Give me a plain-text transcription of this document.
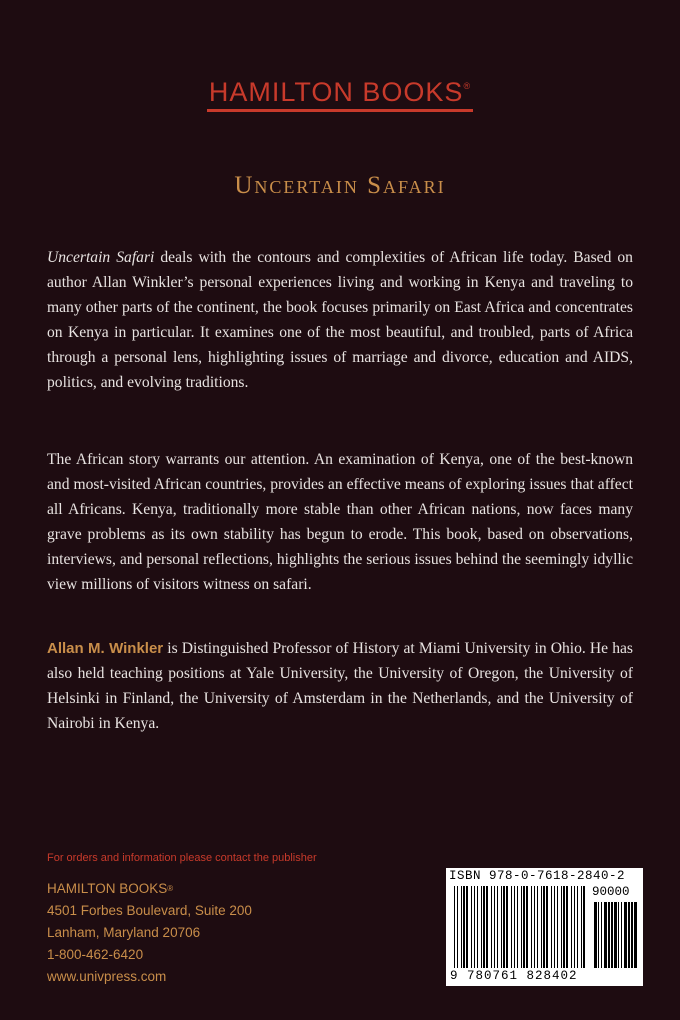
HAMILTON BOOKS®
Uncertain Safari
Uncertain Safari deals with the contours and complexities of African life today. Based on author Allan Winkler’s personal experiences living and working in Kenya and traveling to many other parts of the continent, the book focuses primarily on East Africa and concentrates on Kenya in particular. It examines one of the most beautiful, and troubled, parts of Africa through a personal lens, highlighting issues of marriage and divorce, education and AIDS, politics, and evolving traditions.
The African story warrants our attention. An examination of Kenya, one of the best-known and most-visited African countries, provides an effective means of exploring issues that affect all Africans. Kenya, traditionally more stable than other African nations, now faces many grave problems as its own stability has begun to erode. This book, based on observations, interviews, and personal reflections, highlights the serious issues behind the seemingly idyllic view millions of visitors witness on safari.
Allan M. Winkler is Distinguished Professor of History at Miami University in Ohio. He has also held teaching positions at Yale University, the University of Oregon, the University of Helsinki in Finland, the University of Amsterdam in the Netherlands, and the University of Nairobi in Kenya.
For orders and information please contact the publisher
HAMILTON BOOKS®
4501 Forbes Boulevard, Suite 200
Lanham, Maryland 20706
1-800-462-6420
www.univpress.com
ISBN 978-0-7618-2840-2
90000
9 780761 828402
